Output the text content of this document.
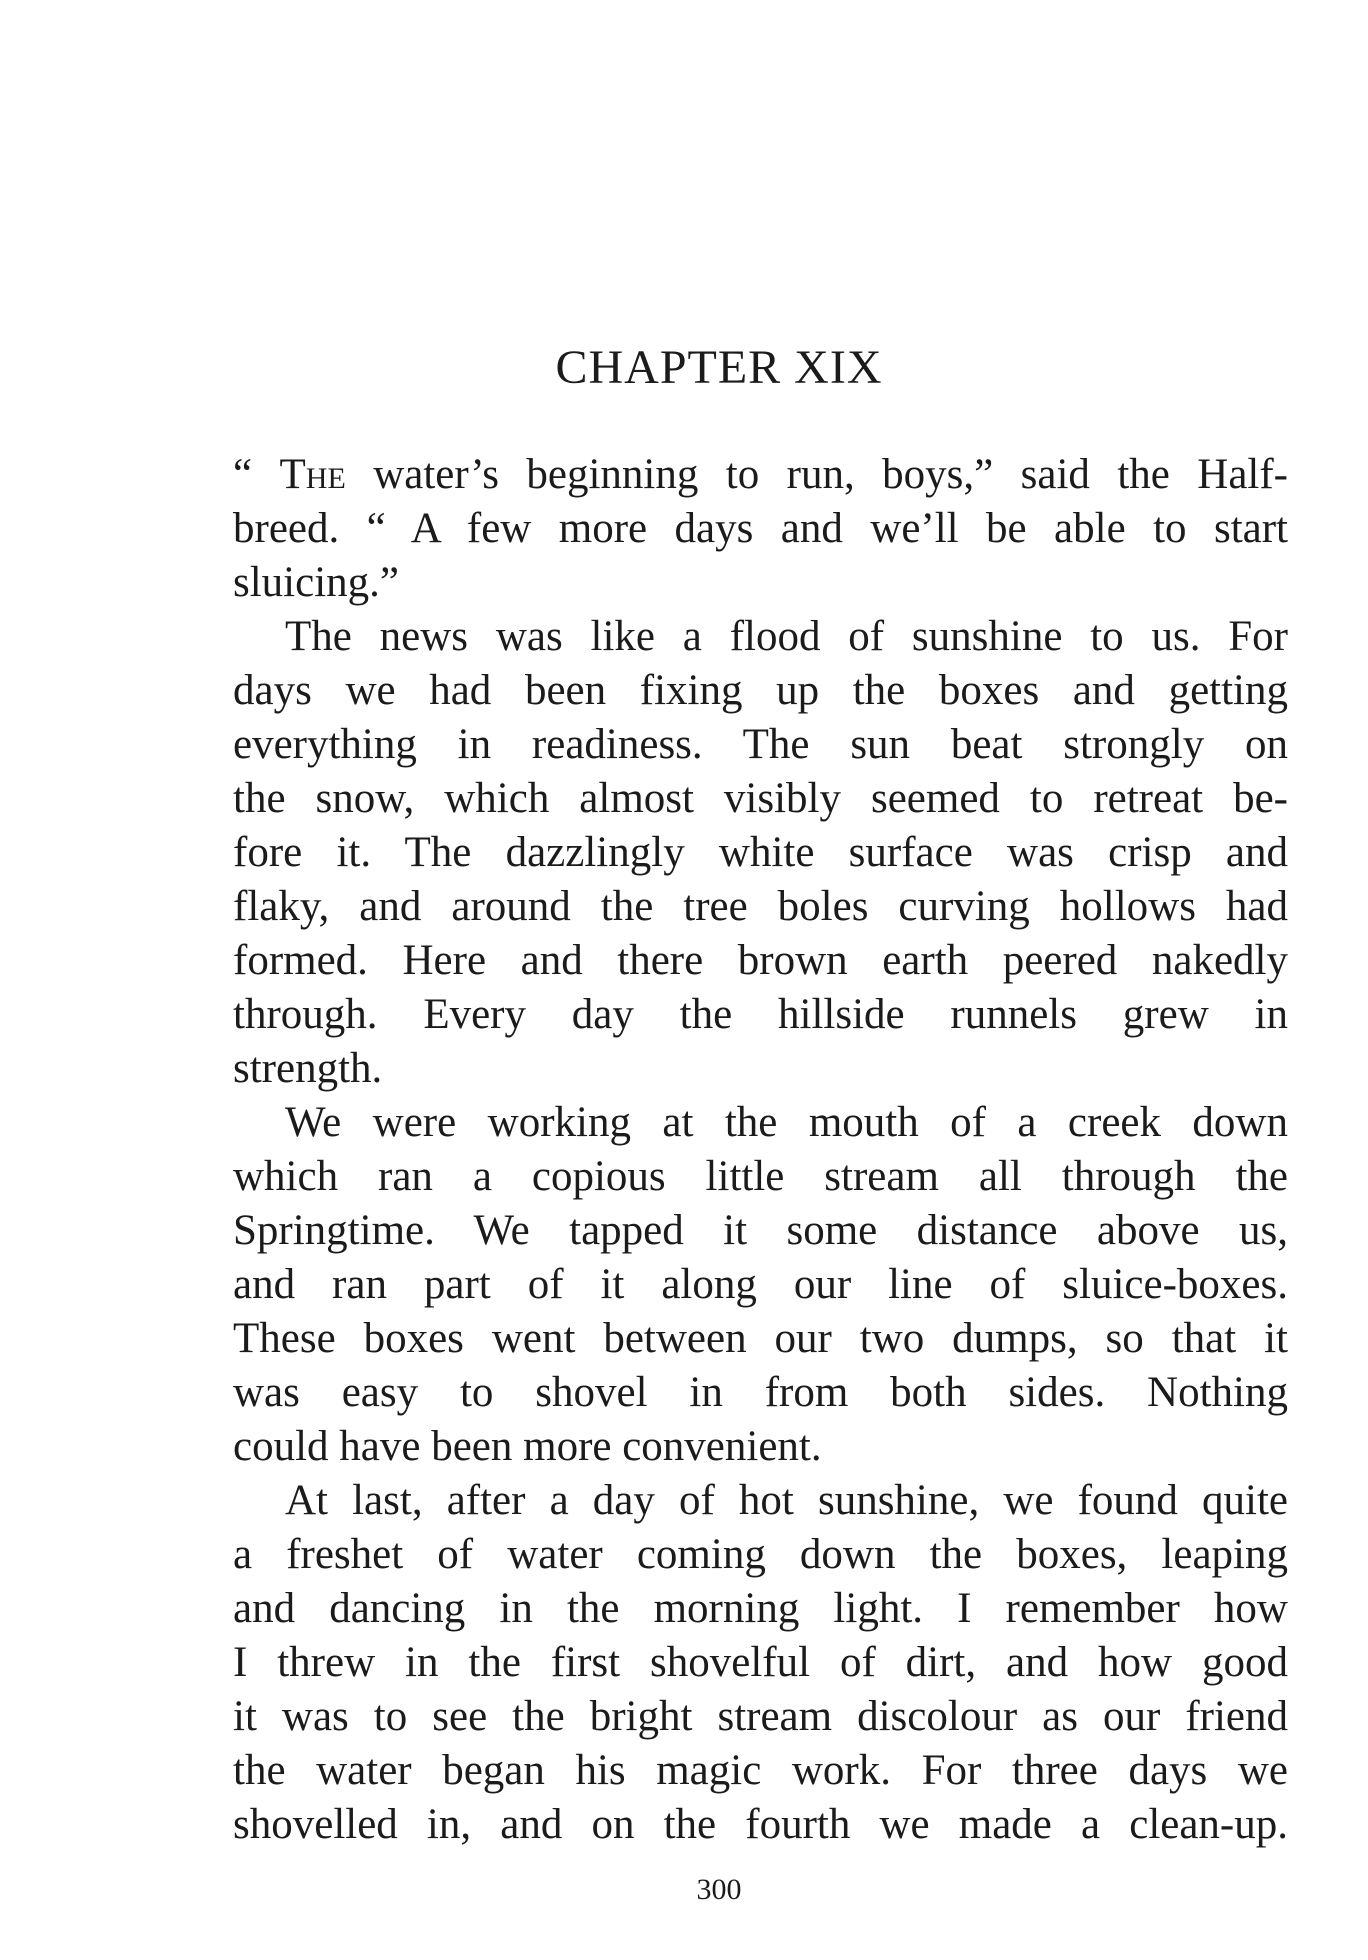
CHAPTER XIX
“ The water’s beginning to run, boys,” said the Half-
breed. “ A few more days and we’ll be able to start
sluicing.”
The news was like a flood of sunshine to us. For
days we had been fixing up the boxes and getting
everything in readiness. The sun beat strongly on
the snow, which almost visibly seemed to retreat be-
fore it. The dazzlingly white surface was crisp and
flaky, and around the tree boles curving hollows had
formed. Here and there brown earth peered nakedly
through. Every day the hillside runnels grew in
strength.
We were working at the mouth of a creek down
which ran a copious little stream all through the
Springtime. We tapped it some distance above us,
and ran part of it along our line of sluice-boxes.
These boxes went between our two dumps, so that it
was easy to shovel in from both sides. Nothing
could have been more convenient.
At last, after a day of hot sunshine, we found quite
a freshet of water coming down the boxes, leaping
and dancing in the morning light. I remember how
I threw in the first shovelful of dirt, and how good
it was to see the bright stream discolour as our friend
the water began his magic work. For three days we
shovelled in, and on the fourth we made a clean-up.
300
